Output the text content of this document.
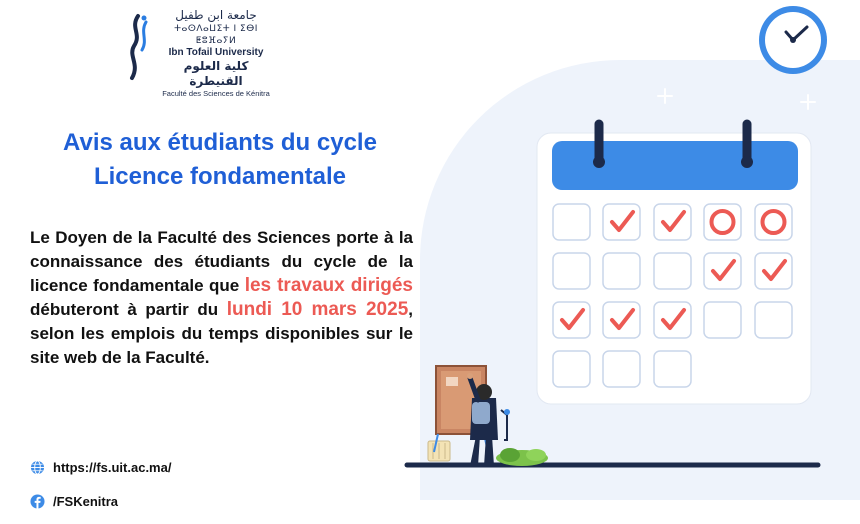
جامعة ابن طفيل
ⵜⴰⵙⴷⴰⵡⵉⵜ ⵏ ⵉⴱⵏ ⵟⵓⴼⴰⵢⵍ
Ibn Tofail University
كلية العلوم القنيطرة
Faculté des Sciences de Kénitra
Avis aux étudiants du cycle
Licence fondamentale
Le Doyen de la Faculté des Sciences porte à la connaissance des étudiants du cycle de la licence fondamentale que les travaux dirigés débuteront à partir du lundi 10 mars 2025, selon les emplois du temps disponibles sur le site web de la Faculté.
https://fs.uit.ac.ma/
/FSKenitra
